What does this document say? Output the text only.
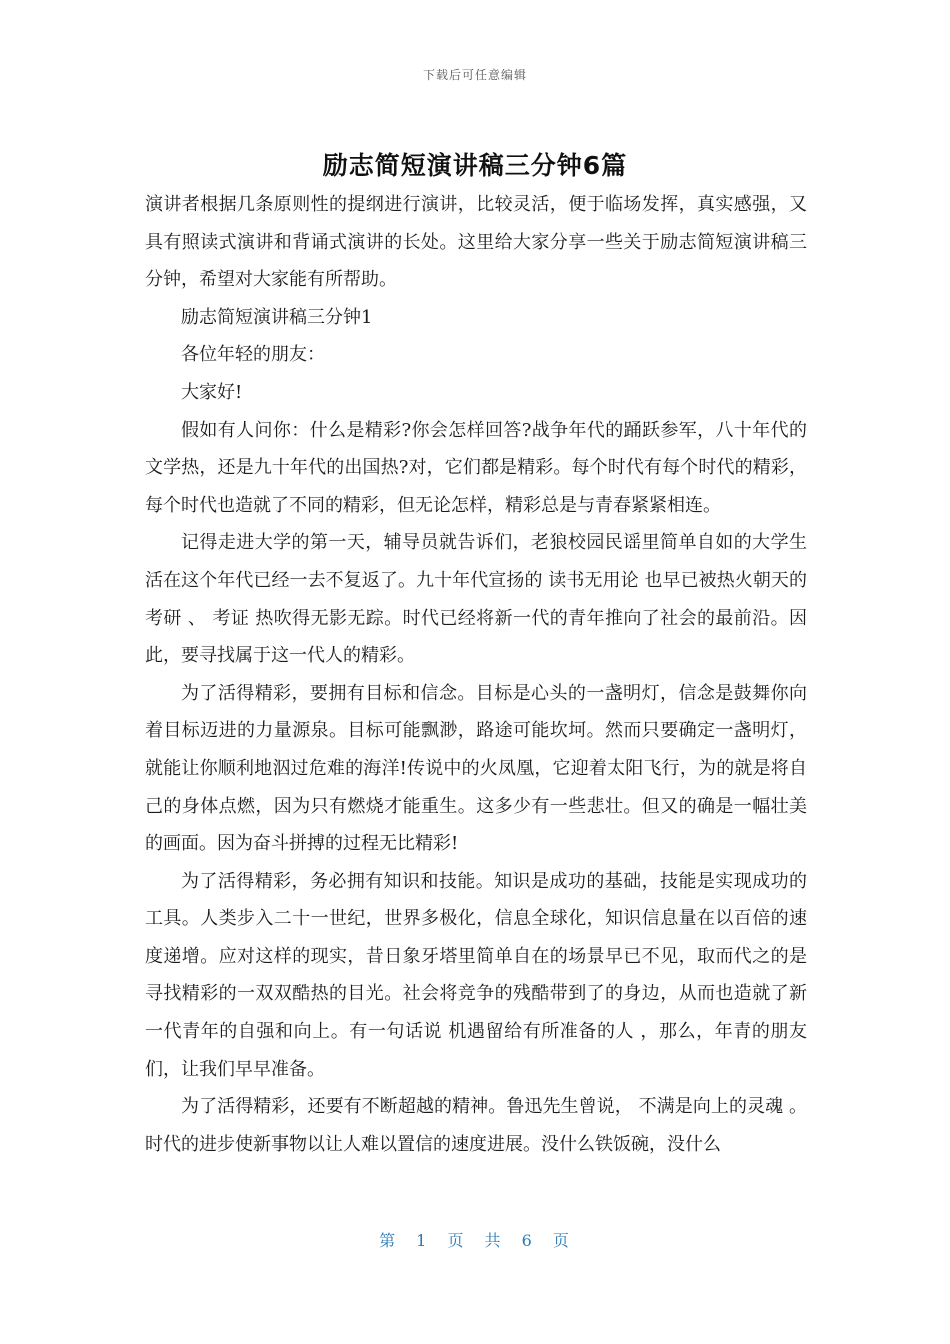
下载后可任意编辑
励志简短演讲稿三分钟6篇

演讲者根据几条原则性的提纲进行演讲，比较灵活，便于临场发挥，真实感强，又具有照读式演讲和背诵式演讲的长处。这里给大家分享一些关于励志简短演讲稿三分钟，希望对大家能有所帮助。

励志简短演讲稿三分钟1

各位年轻的朋友：

大家好!

假如有人问你：什么是精彩?你会怎样回答?战争年代的踊跃参军，八十年代的文学热，还是九十年代的出国热?对，它们都是精彩。每个时代有每个时代的精彩，每个时代也造就了不同的精彩，但无论怎样，精彩总是与青春紧紧相连。

记得走进大学的第一天，辅导员就告诉们，老狼校园民谣里简单自如的大学生活在这个年代已经一去不复返了。九十年代宣扬的 读书无用论 也早已被热火朝天的 考研 、 考证 热吹得无影无踪。时代已经将新一代的青年推向了社会的最前沿。因此，要寻找属于这一代人的精彩。

为了活得精彩，要拥有目标和信念。目标是心头的一盏明灯，信念是鼓舞你向着目标迈进的力量源泉。目标可能飘渺，路途可能坎坷。然而只要确定一盏明灯，就能让你顺利地泅过危难的海洋!传说中的火凤凰，它迎着太阳飞行，为的就是将自己的身体点燃，因为只有燃烧才能重生。这多少有一些悲壮。但又的确是一幅壮美的画面。因为奋斗拼搏的过程无比精彩!

为了活得精彩，务必拥有知识和技能。知识是成功的基础，技能是实现成功的工具。人类步入二十一世纪，世界多极化，信息全球化，知识信息量在以百倍的速度递增。应对这样的现实，昔日象牙塔里简单自在的场景早已不见，取而代之的是寻找精彩的一双双酷热的目光。社会将竞争的残酷带到了的身边，从而也造就了新一代青年的自强和向上。有一句话说 机遇留给有所准备的人 ，那么，年青的朋友们，让我们早早准备。

为了活得精彩，还要有不断超越的精神。鲁迅先生曾说， 不满是向上的灵魂 。时代的进步使新事物以让人难以置信的速度进展。没什么铁饭碗，没什么

第 1 页 共 6 页
